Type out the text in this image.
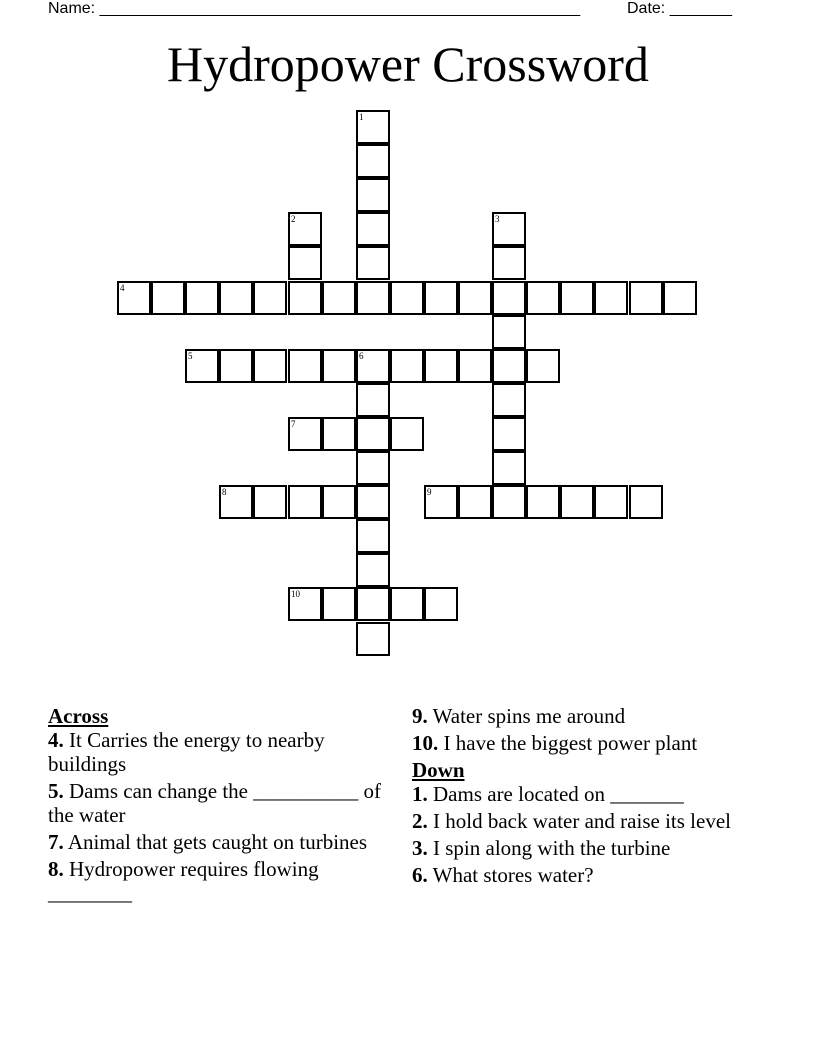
Name: ______________________________________________________	Date: _______
Hydropower Crossword
4
5	6
7
8	9
10
1
2	3
Across
4. It Carries the energy to nearby buildings
5. Dams can change the __________ of the water
7. Animal that gets caught on turbines
8. Hydropower requires flowing ________
9. Water spins me around
10. I have the biggest power plant
Down
1. Dams are located on _______
2. I hold back water and raise its level
3. I spin along with the turbine
6. What stores water?
